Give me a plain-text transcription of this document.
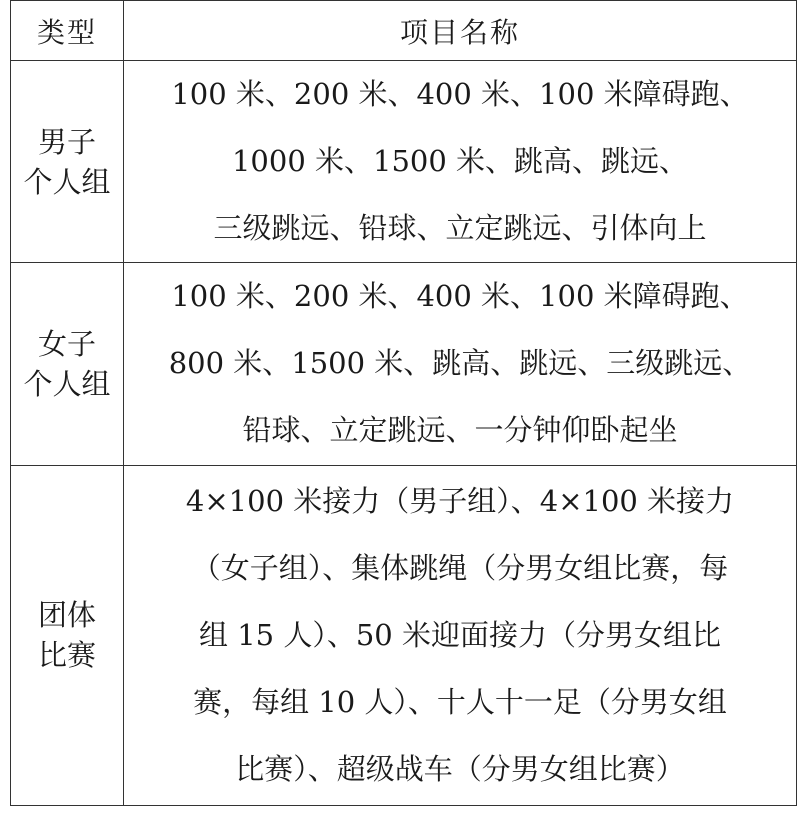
类型	项目名称

男子
个人组	100 米、200 米、400 米、100 米障碍跑、
1000 米、1500 米、跳高、跳远、
三级跳远、铅球、立定跳远、引体向上

女子
个人组	100 米、200 米、400 米、100 米障碍跑、
800 米、1500 米、跳高、跳远、三级跳远、
铅球、立定跳远、一分钟仰卧起坐

团体
比赛	4×100 米接力（男子组）、4×100 米接力
（女子组）、集体跳绳（分男女组比赛，每
组 15 人）、50 米迎面接力（分男女组比
赛，每组 10 人）、十人十一足（分男女组
比赛）、超级战车（分男女组比赛）
